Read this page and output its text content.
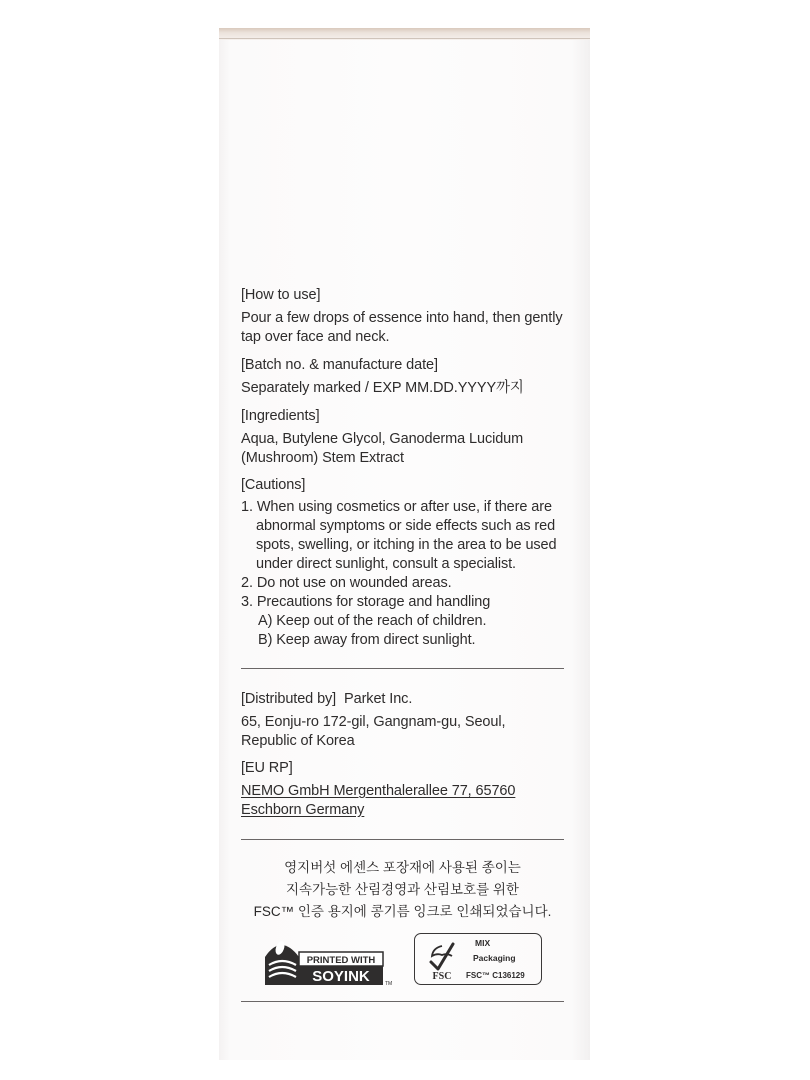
[How to use]
Pour a few drops of essence into hand, then gently
tap over face and neck.
[Batch no. & manufacture date]
Separately marked / EXP MM.DD.YYYY까지
[Ingredients]
Aqua, Butylene Glycol, Ganoderma Lucidum
(Mushroom) Stem Extract
[Cautions]
1. When using cosmetics or after use, if there are
abnormal symptoms or side effects such as red
spots, swelling, or itching in the area to be used
under direct sunlight, consult a specialist.
2. Do not use on wounded areas.
3. Precautions for storage and handling
A) Keep out of the reach of children.
B) Keep away from direct sunlight.
[Distributed by] Parket Inc.
65, Eonju-ro 172-gil, Gangnam-gu, Seoul,
Republic of Korea
[EU RP]
NEMO GmbH Mergenthalerallee 77, 65760
Eschborn Germany
영지버섯 에센스 포장재에 사용된 종이는
지속가능한 산림경영과 산림보호를 위한
FSC™ 인증 용지에 콩기름 잉크로 인쇄되었습니다.
PRINTED WITH
SOYINK	TM
FSC
MIX
Packaging
FSC™ C136129
